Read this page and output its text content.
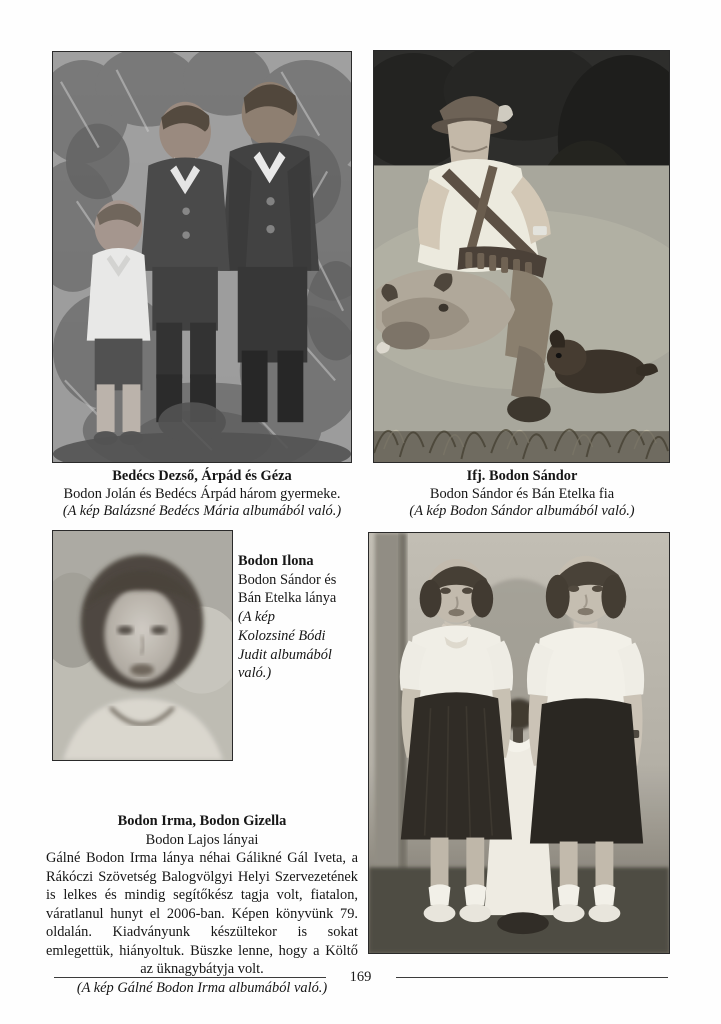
Bedécs Dezső, Árpád és Géza
Bodon Jolán és Bedécs Árpád három gyermeke.
(A kép Balázsné Bedécs Mária albumából való.)
Ifj. Bodon Sándor
Bodon Sándor és Bán Etelka fia
(A kép Bodon Sándor albumából való.)
Bodon Ilona
Bodon Sándor és
Bán Etelka lánya
(A kép
Kolozsiné Bódi
Judit albumából
való.)
Bodon Irma, Bodon Gizella
Bodon Lajos lányai
Gálné Bodon Irma lánya néhai Gálikné Gál Iveta, a Rákóczi Szövetség Balogvölgyi Helyi Szervezetének is lelkes és mindig segítőkész tagja volt, fiatalon, váratlanul hunyt el 2006-ban. Képen könyvünk 79. oldalán. Kiadványunk készültekor is sokat emlegettük, hiányoltuk. Büszke lenne, hogy a Költő az üknagybátyja volt.
(A kép Gálné Bodon Irma albumából való.)
169
